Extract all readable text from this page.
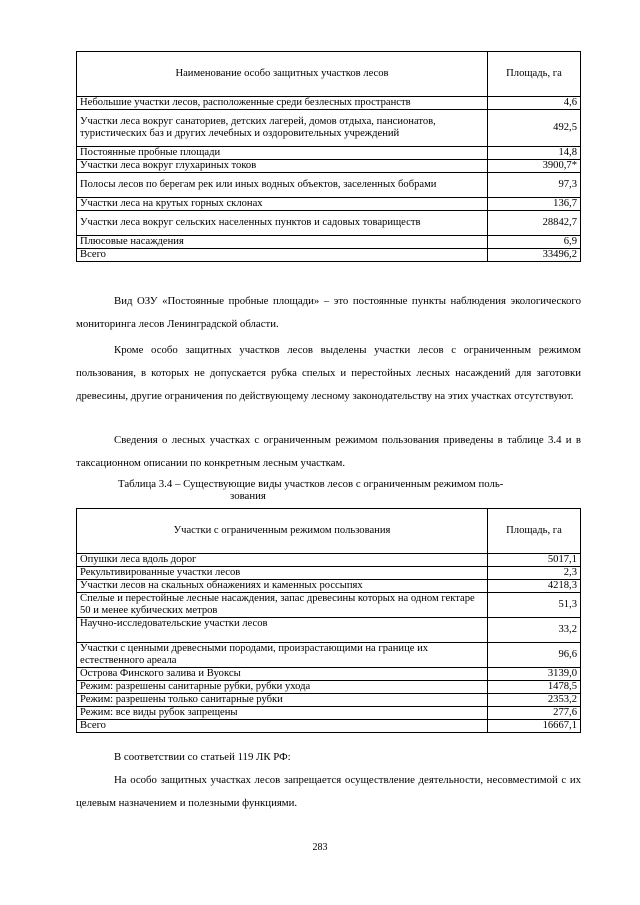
Наименование особо защитных участков лесов	Площадь, га
Небольшие участки лесов, расположенные среди безлесных пространств	4,6
Участки леса вокруг санаториев, детских лагерей, домов отдыха, пансионатов, туристических баз и других лечебных и оздоровительных учреждений	492,5
Постоянные пробные площади	14,8
Участки леса вокруг глухариных токов	3900,7*
Полосы лесов по берегам рек или иных водных объектов, заселенных бобрами	97,3
Участки леса на крутых горных склонах	136,7
Участки леса вокруг сельских населенных пунктов и садовых товариществ	28842,7
Плюсовые насаждения	6,9
Всего	33496,2
Вид ОЗУ «Постоянные пробные площади» – это постоянные пункты наблюдения экологического мониторинга лесов Ленинградской области.
Кроме особо защитных участков лесов выделены участки лесов с ограниченным режимом пользования, в которых не допускается рубка спелых и перестойных лесных насаждений для заготовки древесины, другие ограничения по действующему лесному законодательству на этих участках отсутствуют.
Сведения о лесных участках с ограниченным режимом пользования приведены в таблице 3.4 и в таксационном описании по конкретным лесным участкам.
Таблица 3.4 – Существующие виды участков лесов с ограниченным режимом поль-
зования
Участки с ограниченным режимом пользования	Площадь, га
Опушки леса вдоль дорог	5017,1
Рекультивированные участки лесов	2,3
Участки лесов на скальных обнажениях и каменных россыпях	4218,3
Спелые и перестойные лесные насаждения, запас древесины которых на одном гектаре 50 и менее кубических метров	51,3
Научно-исследовательские участки лесов	33,2
Участки с ценными древесными породами, произрастающими на границе их естественного ареала	96,6
Острова Финского залива и Вуоксы	3139,0
Режим: разрешены санитарные рубки, рубки ухода	1478,5
Режим: разрешены только санитарные рубки	2353,2
Режим: все виды рубок запрещены	277,6
Всего	16667,1
В соответствии со статьей 119 ЛК РФ:
На особо защитных участках лесов запрещается осуществление деятельности, несовместимой с их целевым назначением и полезными функциями.
283
